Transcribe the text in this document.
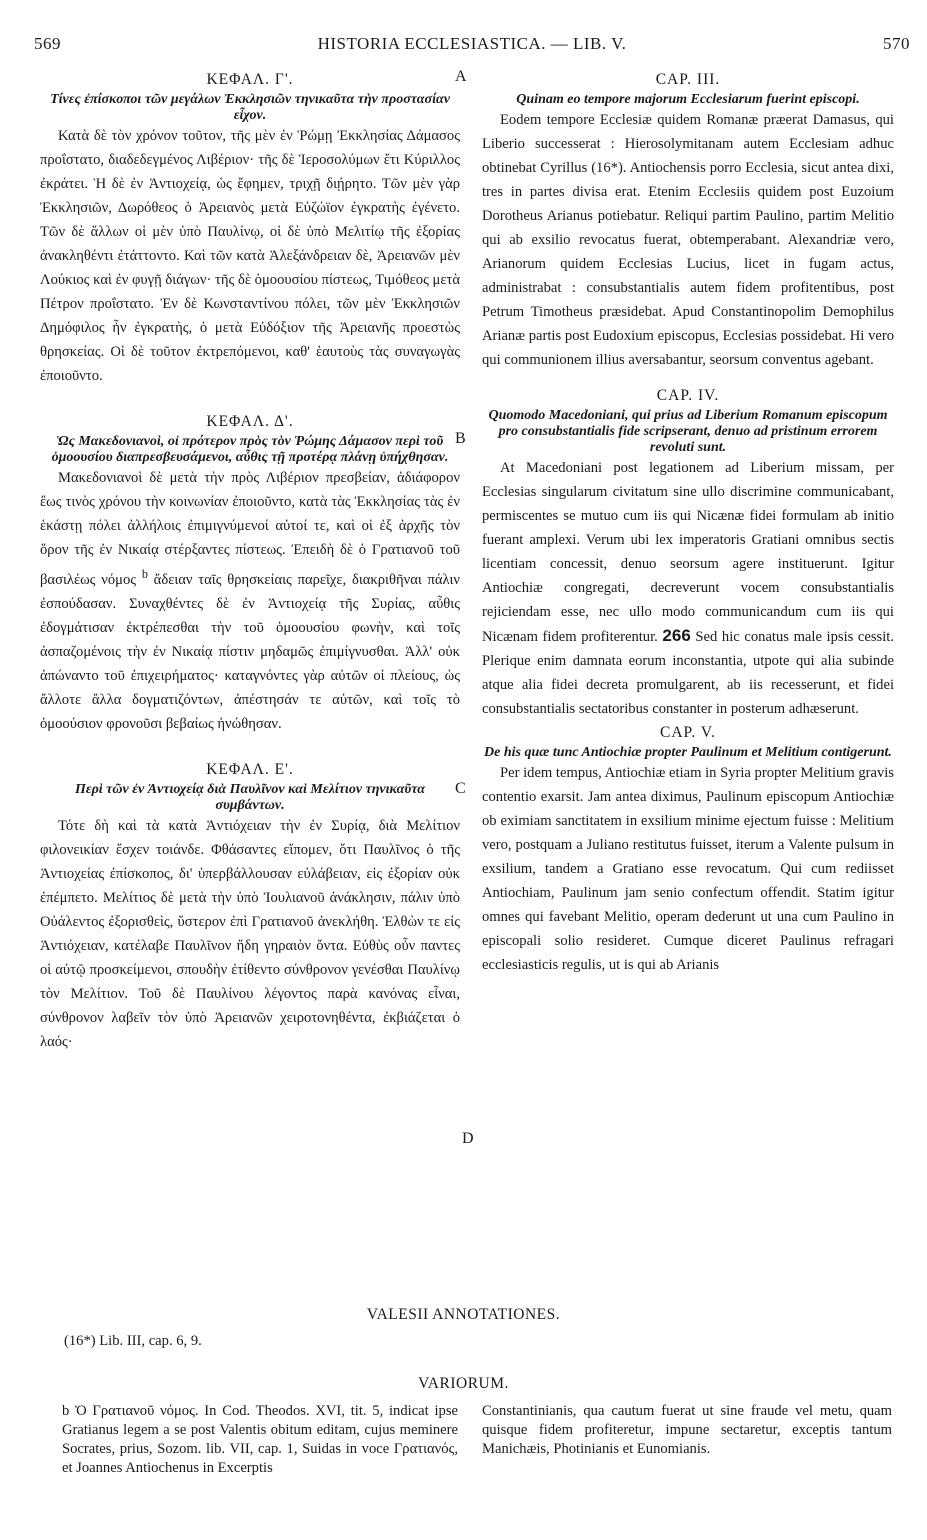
569	HISTORIA ECCLESIASTICA. — LIB. V.	570
A
B
C
D
ΚΕΦΑΛ. Γ'.
Τίνες ἐπίσκοποι τῶν μεγάλων Ἐκκλησιῶν τηνικαῦτα τὴν προστασίαν εἶχον.

Κατὰ δὲ τὸν χρόνον τοῦτον, τῆς μὲν ἐν Ῥώμῃ Ἐκκλησίας Δάμασος προΐστατο, διαδεδεγμένος Λιβέριον· τῆς δὲ Ἱεροσολύμων ἔτι Κύριλλος ἐκράτει. Ἡ δὲ ἐν Ἀντιοχείᾳ, ὡς ἔφημεν, τριχῇ διῄρητο. Τῶν μὲν γὰρ Ἐκκλησιῶν, Δωρόθεος ὁ Ἀρειανὸς μετὰ Εὐζώϊον ἐγκρατὴς ἐγένετο. Τῶν δὲ ἄλλων οἱ μὲν ὑπὸ Παυλίνῳ, οἱ δὲ ὑπὸ Μελιτίῳ τῆς ἐξορίας ἀνακληθέντι ἐτάττοντο. Καὶ τῶν κατὰ Ἀλεξάνδρειαν δὲ, Ἀρειανῶν μὲν Λούκιος καὶ ἐν φυγῇ διάγων· τῆς δὲ ὁμοουσίου πίστεως, Τιμόθεος μετὰ Πέτρον προΐστατο. Ἐν δὲ Κωνσταντίνου πόλει, τῶν μὲν Ἐκκλησιῶν Δημόφιλος ἦν ἐγκρατὴς, ὁ μετὰ Εὐδόξιον τῆς Ἀρειανῆς προεστὼς θρησκείας. Οἱ δὲ τοῦτον ἐκτρεπόμενοι, καθ' ἑαυτοὺς τὰς συναγωγὰς ἐποιοῦντο.

ΚΕΦΑΛ. Δ'.
Ὡς Μακεδονιανοὶ, οἱ πρότερον πρὸς τὸν Ῥώμης Δάμασον περὶ τοῦ ὁμοουσίου διαπρεσβευσάμενοι, αὖθις τῇ προτέρᾳ πλάνῃ ὑπήχθησαν.

Μακεδονιανοὶ δὲ μετὰ τὴν πρὸς Λιβέριον πρεσβείαν, ἀδιάφορον ἕως τινὸς χρόνου τὴν κοινωνίαν ἐποιοῦντο, κατὰ τὰς Ἐκκλησίας τὰς ἐν ἑκάστῃ πόλει ἀλλήλοις ἐπιμιγνύμενοί αὐτοί τε, καὶ οἱ ἐξ ἀρχῆς τὸν ὅρον τῆς ἐν Νικαίᾳ στέρξαντες πίστεως. Ἐπειδὴ δὲ ὁ Γρατιανοῦ τοῦ βασιλέως νόμος $^b$ ἄδειαν ταῖς θρησκείαις παρεῖχε, διακριθῆναι πάλιν ἐσπούδασαν. Συναχθέντες δὲ ἐν Ἀντιοχείᾳ τῆς Συρίας, αὖθις ἐδογμάτισαν ἐκτρέπεσθαι τὴν τοῦ ὁμοουσίου φωνὴν, καὶ τοῖς ἀσπαζομένοις τὴν ἐν Νικαίᾳ πίστιν μηδαμῶς ἐπιμίγνυσθαι. Ἀλλ' οὐκ ἀπώναντο τοῦ ἐπιχειρήματος· καταγνόντες γὰρ αὐτῶν οἱ πλείους, ὡς ἄλλοτε ἄλλα δογματιζόντων, ἀπέστησάν τε αὐτῶν, καὶ τοῖς τὸ ὁμοούσιον φρονοῦσι βεβαίως ἡνώθησαν.

ΚΕΦΑΛ. Ε'.
Περὶ τῶν ἐν Ἀντιοχείᾳ διὰ Παυλῖνον καὶ Μελίτιον τηνικαῦτα συμβάντων.

Τότε δὴ καὶ τὰ κατὰ Ἀντιόχειαν τὴν ἐν Συρίᾳ, διὰ Μελίτιον φιλονεικίαν ἔσχεν τοιάνδε. Φθάσαντες εἴπομεν, ὅτι Παυλῖνος ὁ τῆς Ἀντιοχείας ἐπίσκοπος, δι' ὑπερβάλλουσαν εὐλάβειαν, εἰς ἐξορίαν οὐκ ἐπέμπετο. Μελίτιος δὲ μετὰ τὴν ὑπὸ Ἰουλιανοῦ ἀνάκλησιν, πάλιν ὑπὸ Οὐάλεντος ἐξορισθεὶς, ὕστερον ἐπὶ Γρατιανοῦ ἀνεκλήθη. Ἐλθὼν τε εἰς Ἀντιόχειαν, κατέλαβε Παυλῖνον ἤδη γηραιὸν ὄντα. Εὐθὺς οὖν παντες οἱ αὐτῷ προσκείμενοι, σπουδὴν ἐτίθεντο σύνθρονον γενέσθαι Παυλίνῳ τὸν Μελίτιον. Τοῦ δὲ Παυλίνου λέγοντος παρὰ κανόνας εἶναι, σύνθρονον λαβεῖν τὸν ὑπὸ Ἀρειανῶν χειροτονηθέντα, ἐκβιάζεται ὁ λαός·

CAP. III.
Quinam eo tempore majorum Ecclesiarum fuerint episcopi.

Eodem tempore Ecclesiæ quidem Romanæ præerat Damasus, qui Liberio successerat : Hierosolymitanam autem Ecclesiam adhuc obtinebat Cyrillus (16*). Antiochensis porro Ecclesia, sicut antea dixi, tres in partes divisa erat. Etenim Ecclesiis quidem post Euzoium Dorotheus Arianus potiebatur. Reliqui partim Paulino, partim Melitio qui ab exsilio revocatus fuerat, obtemperabant. Alexandriæ vero, Arianorum quidem Ecclesias Lucius, licet in fugam actus, administrabat : consubstantialis autem fidem profitentibus, post Petrum Timotheus præsidebat. Apud Constantinopolim Demophilus Arianæ partis post Eudoxium episcopus, Ecclesias possidebat. Hi vero qui communionem illius aversabantur, seorsum conventus agebant.

CAP. IV.
Quomodo Macedoniani, qui prius ad Liberium Romanum episcopum pro consubstantialis fide scripserant, denuo ad pristinum errorem revoluti sunt.

At Macedoniani post legationem ad Liberium missam, per Ecclesias singularum civitatum sine ullo discrimine communicabant, permiscentes se mutuo cum iis qui Nicænæ fidei formulam ab initio fuerant amplexi. Verum ubi lex imperatoris Gratiani omnibus sectis licentiam concessit, denuo seorsum agere instituerunt. Igitur Antiochiæ congregati, decreverunt vocem consubstantialis rejiciendam esse, nec ullo modo communicandum cum iis qui Nicænam fidem profiterentur. 266 Sed hic conatus male ipsis cessit. Plerique enim damnata eorum inconstantia, utpote qui alia subinde atque alia fidei decreta promulgarent, ab iis recesserunt, et fidei consubstantialis sectatoribus constanter in posterum adhæserunt.

CAP. V.
De his quæ tunc Antiochiæ propter Paulinum et Melitium contigerunt.

Per idem tempus, Antiochiæ etiam in Syria propter Melitium gravis contentio exarsit. Jam antea diximus, Paulinum episcopum Antiochiæ ob eximiam sanctitatem in exsilium minime ejectum fuisse : Melitium vero, postquam a Juliano restitutus fuisset, iterum a Valente pulsum in exsilium, tandem a Gratiano esse revocatum. Qui cum rediisset Antiochiam, Paulinum jam senio confectum offendit. Statim igitur omnes qui favebant Melitio, operam dederunt ut una cum Paulino in episcopali solio resideret. Cumque diceret Paulinus refragari ecclesiasticis regulis, ut is qui ab Arianis

VALESII ANNOTATIONES.
(16*) Lib. III, cap. 6, 9.
VARIORUM.

b Ὁ Γρατιανοῦ νόμος. In Cod. Theodos. XVI, tit. 5, indicat ipse Gratianus legem a se post Valentis obitum editam, cujus meminere Socrates, prius, Sozom. lib. VII, cap. 1, Suidas in voce Γρατιανός, et Joannes Antiochenus in Excerptis

Constantinianis, qua cautum fuerat ut sine fraude vel metu, quam quisque fidem profiteretur, impune sectaretur, exceptis tantum Manichæis, Photinianis et Eunomianis.
